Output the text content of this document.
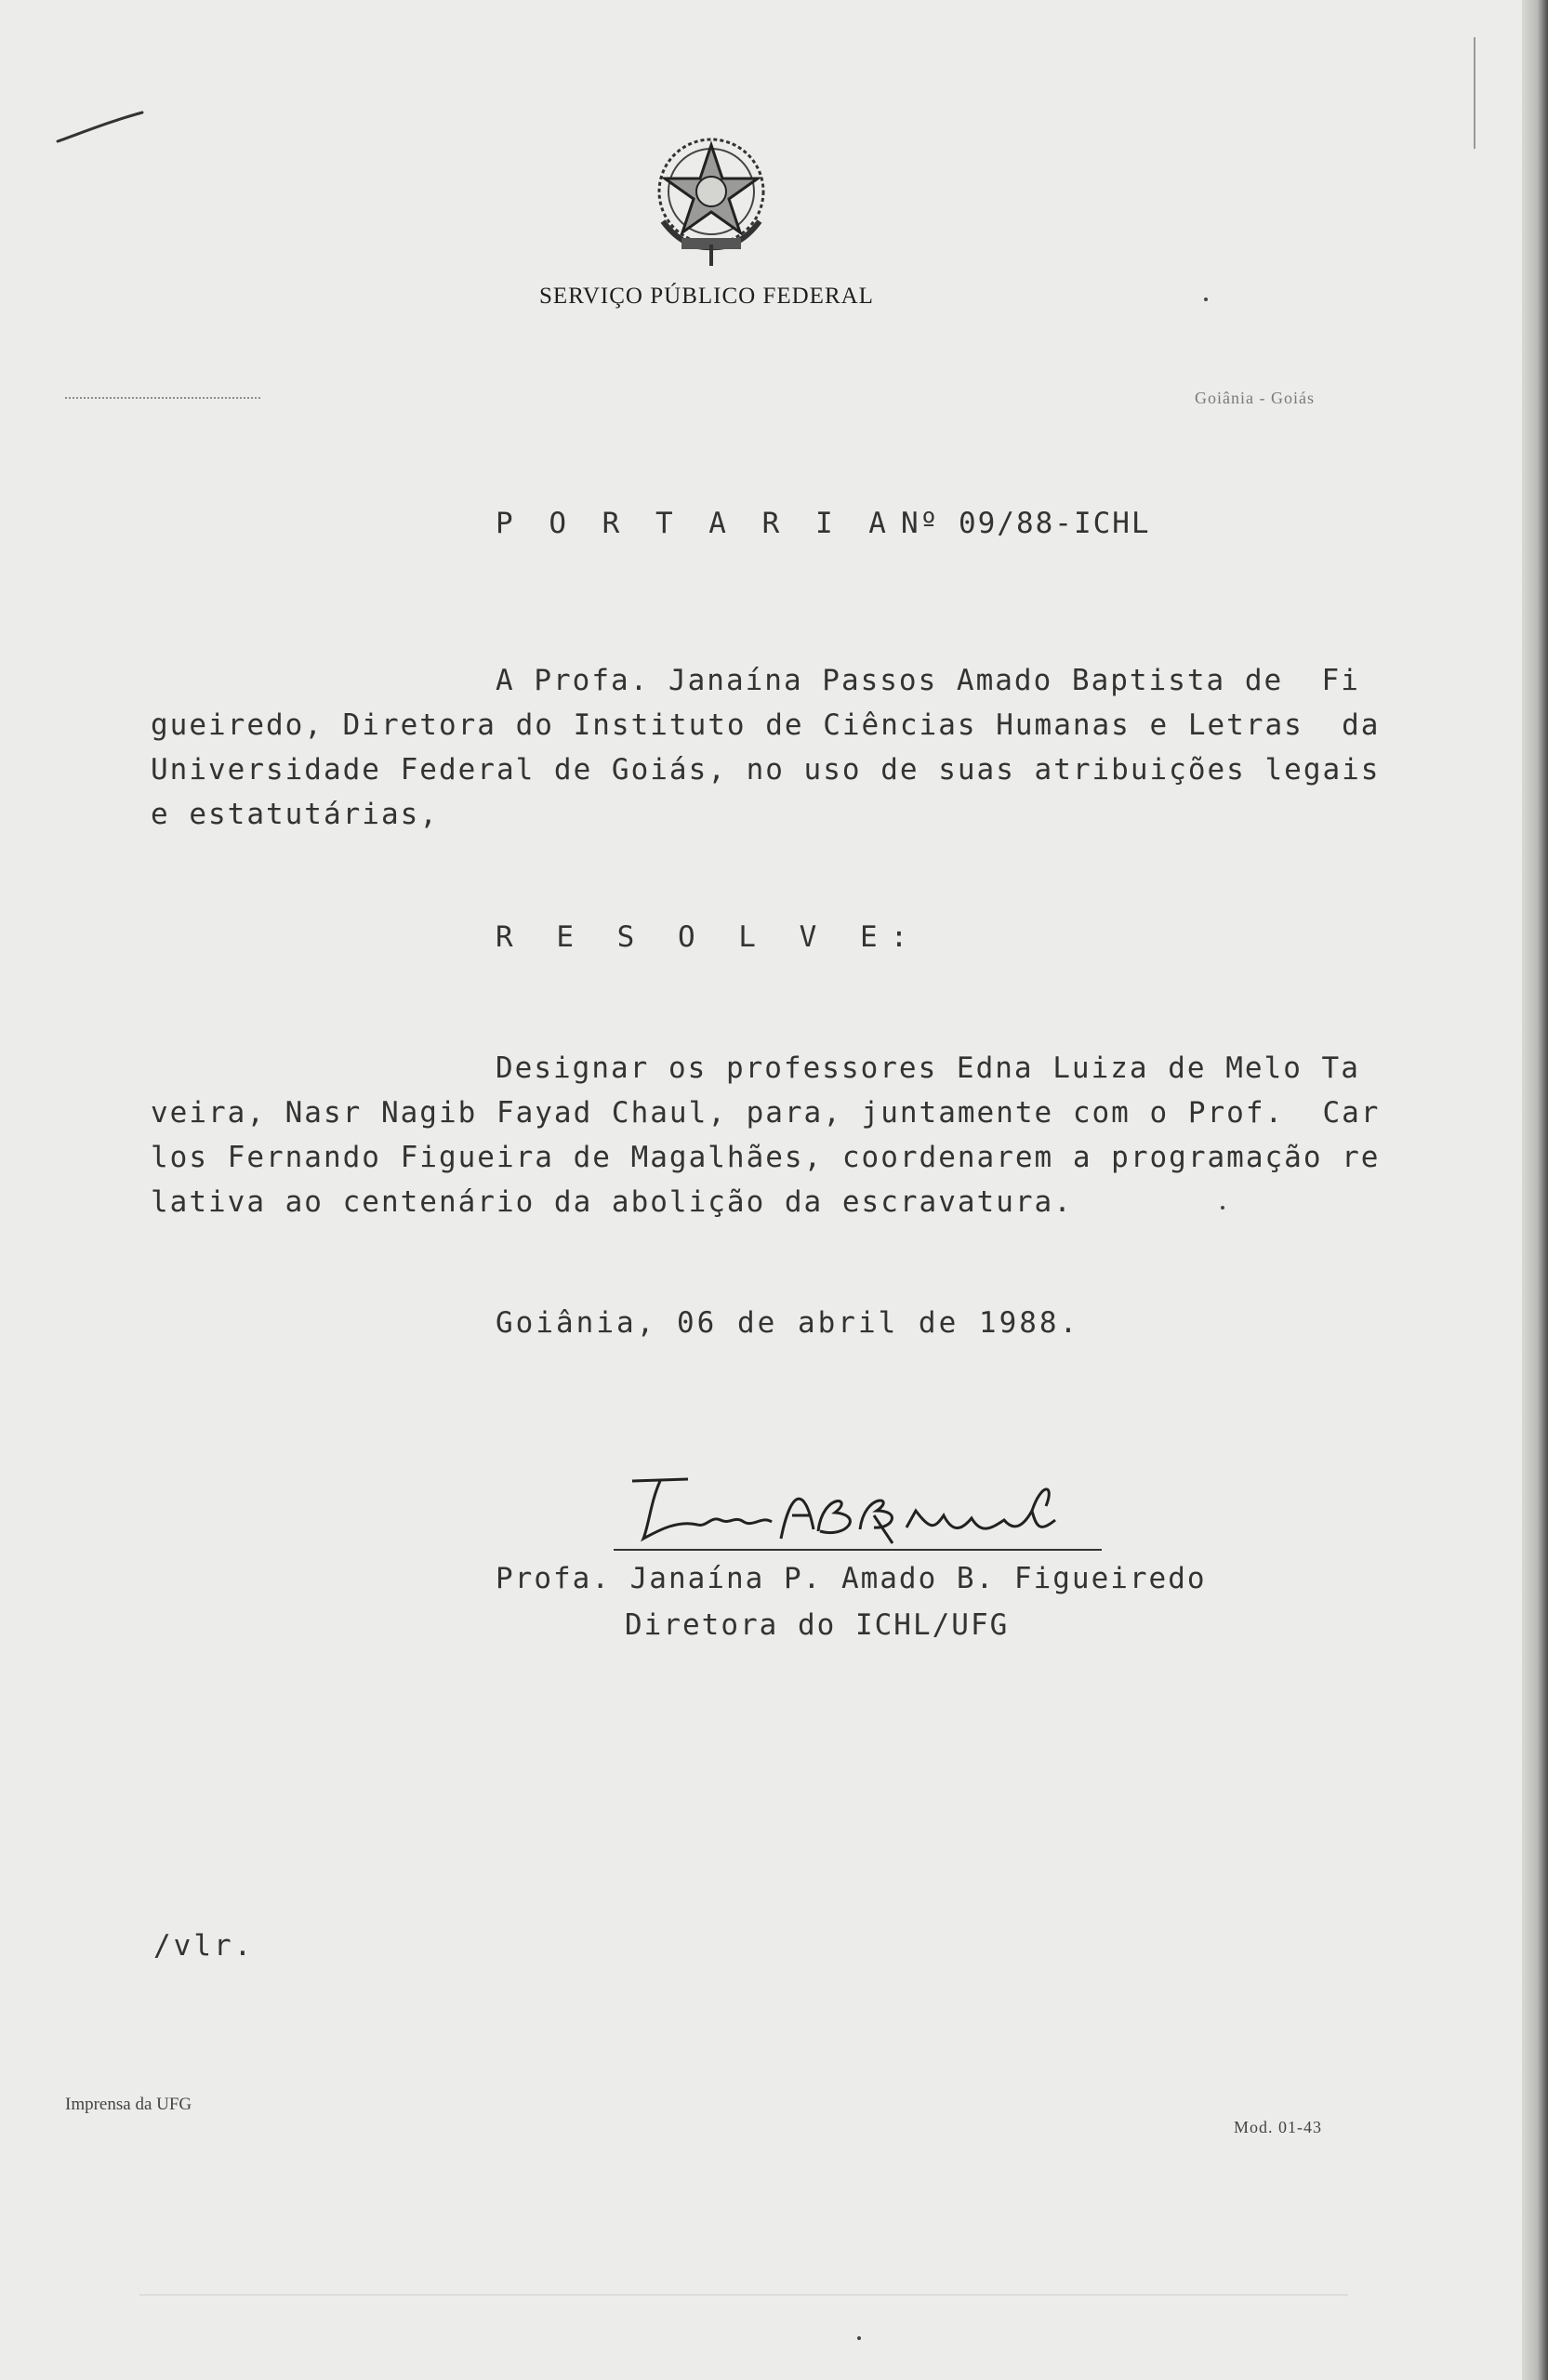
SERVIÇO PÚBLICO FEDERAL
Goiânia - Goiás
P O R T A R I A Nº 09/88-ICHL
A Profa. Janaína Passos Amado Baptista de  Fi
gueiredo, Diretora do Instituto de Ciências Humanas e Letras  da
Universidade Federal de Goiás, no uso de suas atribuições legais
e estatutárias,
R E S O L V E:
Designar os professores Edna Luiza de Melo Ta
veira, Nasr Nagib Fayad Chaul, para, juntamente com o Prof.  Car
los Fernando Figueira de Magalhães, coordenarem a programação re
lativa ao centenário da abolição da escravatura.
Goiânia, 06 de abril de 1988.
Profa. Janaína P. Amado B. Figueiredo
Diretora do ICHL/UFG
/vlr.
Imprensa da UFG
Mod. 01-43
